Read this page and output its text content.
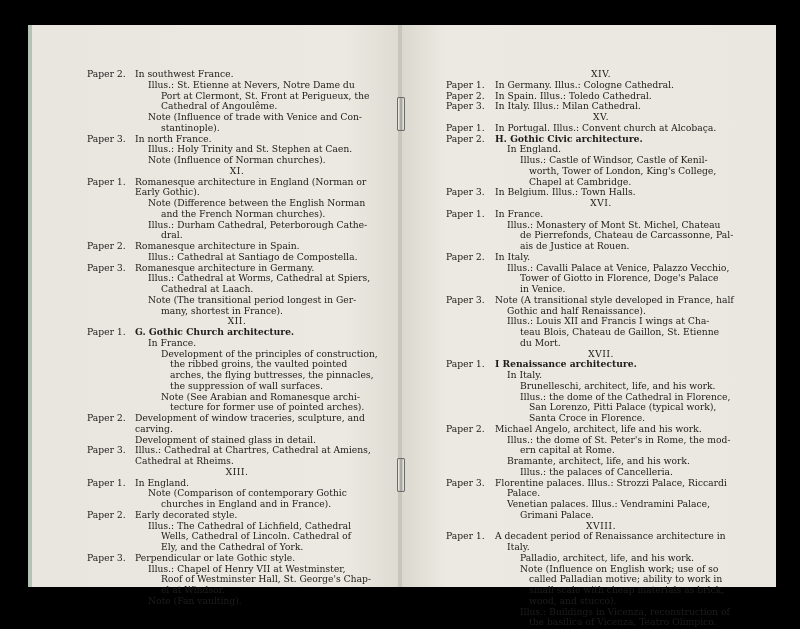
Paper 2. In southwest France.
Illus.: St. Etienne at Nevers, Notre Dame du
Port at Clermont, St. Front at Perigueux, the
Cathedral of Angoulême.
Note (Influence of trade with Venice and Con-
stantinople).
Paper 3. In north France.
Illus.: Holy Trinity and St. Stephen at Caen.
Note (Influence of Norman churches).
XI.
Paper 1. Romanesque architecture in England (Norman or
Early Gothic).
Note (Difference between the English Norman
and the French Norman churches).
Illus.: Durham Cathedral, Peterborough Cathe-
dral.
Paper 2. Romanesque architecture in Spain.
Illus.: Cathedral at Santiago de Compostella.
Paper 3. Romanesque architecture in Germany.
Illus.: Cathedral at Worms, Cathedral at Spiers,
Cathedral at Laach.
Note (The transitional period longest in Ger-
many, shortest in France).
XII.
Paper 1. G. Gothic Church architecture.
In France.
Development of the principles of construction,
the ribbed groins, the vaulted pointed
arches, the flying buttresses, the pinnacles,
the suppression of wall surfaces.
Note (See Arabian and Romanesque archi-
tecture for former use of pointed arches).
Paper 2. Development of window traceries, sculpture, and
carving.
Development of stained glass in detail.
Paper 3. Illus.: Cathedral at Chartres, Cathedral at Amiens,
Cathedral at Rheims.
XIII.
Paper 1. In England.
Note (Comparison of contemporary Gothic
churches in England and in France).
Paper 2. Early decorated style.
Illus.: The Cathedral of Lichfield, Cathedral
Wells, Cathedral of Lincoln. Cathedral of
Ely, and the Cathedral of York.
Paper 3. Perpendicular or late Gothic style.
Illus.: Chapel of Henry VII at Westminster,
Roof of Westminster Hall, St. George's Chap-
el at Windsor.
Note (Fan vaulting).
XIV.
Paper 1. In Germany. Illus.: Cologne Cathedral.
Paper 2. In Spain. Illus.: Toledo Cathedral.
Paper 3. In Italy. Illus.: Milan Cathedral.
XV.
Paper 1. In Portugal. Illus.: Convent church at Alcobaça.
Paper 2. H. Gothic Civic architecture.
In England.
Illus.: Castle of Windsor, Castle of Kenil-
worth, Tower of London, King's College,
Chapel at Cambridge.
Paper 3. In Belgium. Illus.: Town Halls.
XVI.
Paper 1. In France.
Illus.: Monastery of Mont St. Michel, Chateau
de Pierrefonds, Chateau de Carcassonne, Pal-
ais de Justice at Rouen.
Paper 2. In Italy.
Illus.: Cavalli Palace at Venice, Palazzo Vecchio,
Tower of Giotto in Florence, Doge's Palace
in Venice.
Paper 3. Note (A transitional style developed in France, half
Gothic and half Renaissance).
Illus.: Louis XII and Francis I wings at Cha-
teau Blois, Chateau de Gaillon, St. Etienne
du Mort.
XVII.
Paper 1. I Renaissance architecture.
In Italy.
Brunelleschi, architect, life, and his work.
Illus.: the dome of the Cathedral in Florence,
San Lorenzo, Pitti Palace (typical work),
Santa Croce in Florence.
Paper 2. Michael Angelo, architect, life and his work.
Illus.: the dome of St. Peter's in Rome, the mod-
ern capital at Rome.
Bramante, architect, life, and his work.
Illus.: the palaces of Cancelleria.
Paper 3. Florentine palaces. Illus.: Strozzi Palace, Riccardi
Palace.
Venetian palaces. Illus.: Vendramini Palace,
Grimani Palace.
XVIII.
Paper 1. A decadent period of Renaissance architecture in
Italy.
Palladio, architect, life, and his work.
Note (Influence on English work; use of so
called Palladian motive; ability to work in
small scale with cheap materials as brick,
wood, and stucco).
Illus.: Buildings in Vicenza, reconstruction of
the basilica of Vicenza, Teatro Olimpico.
